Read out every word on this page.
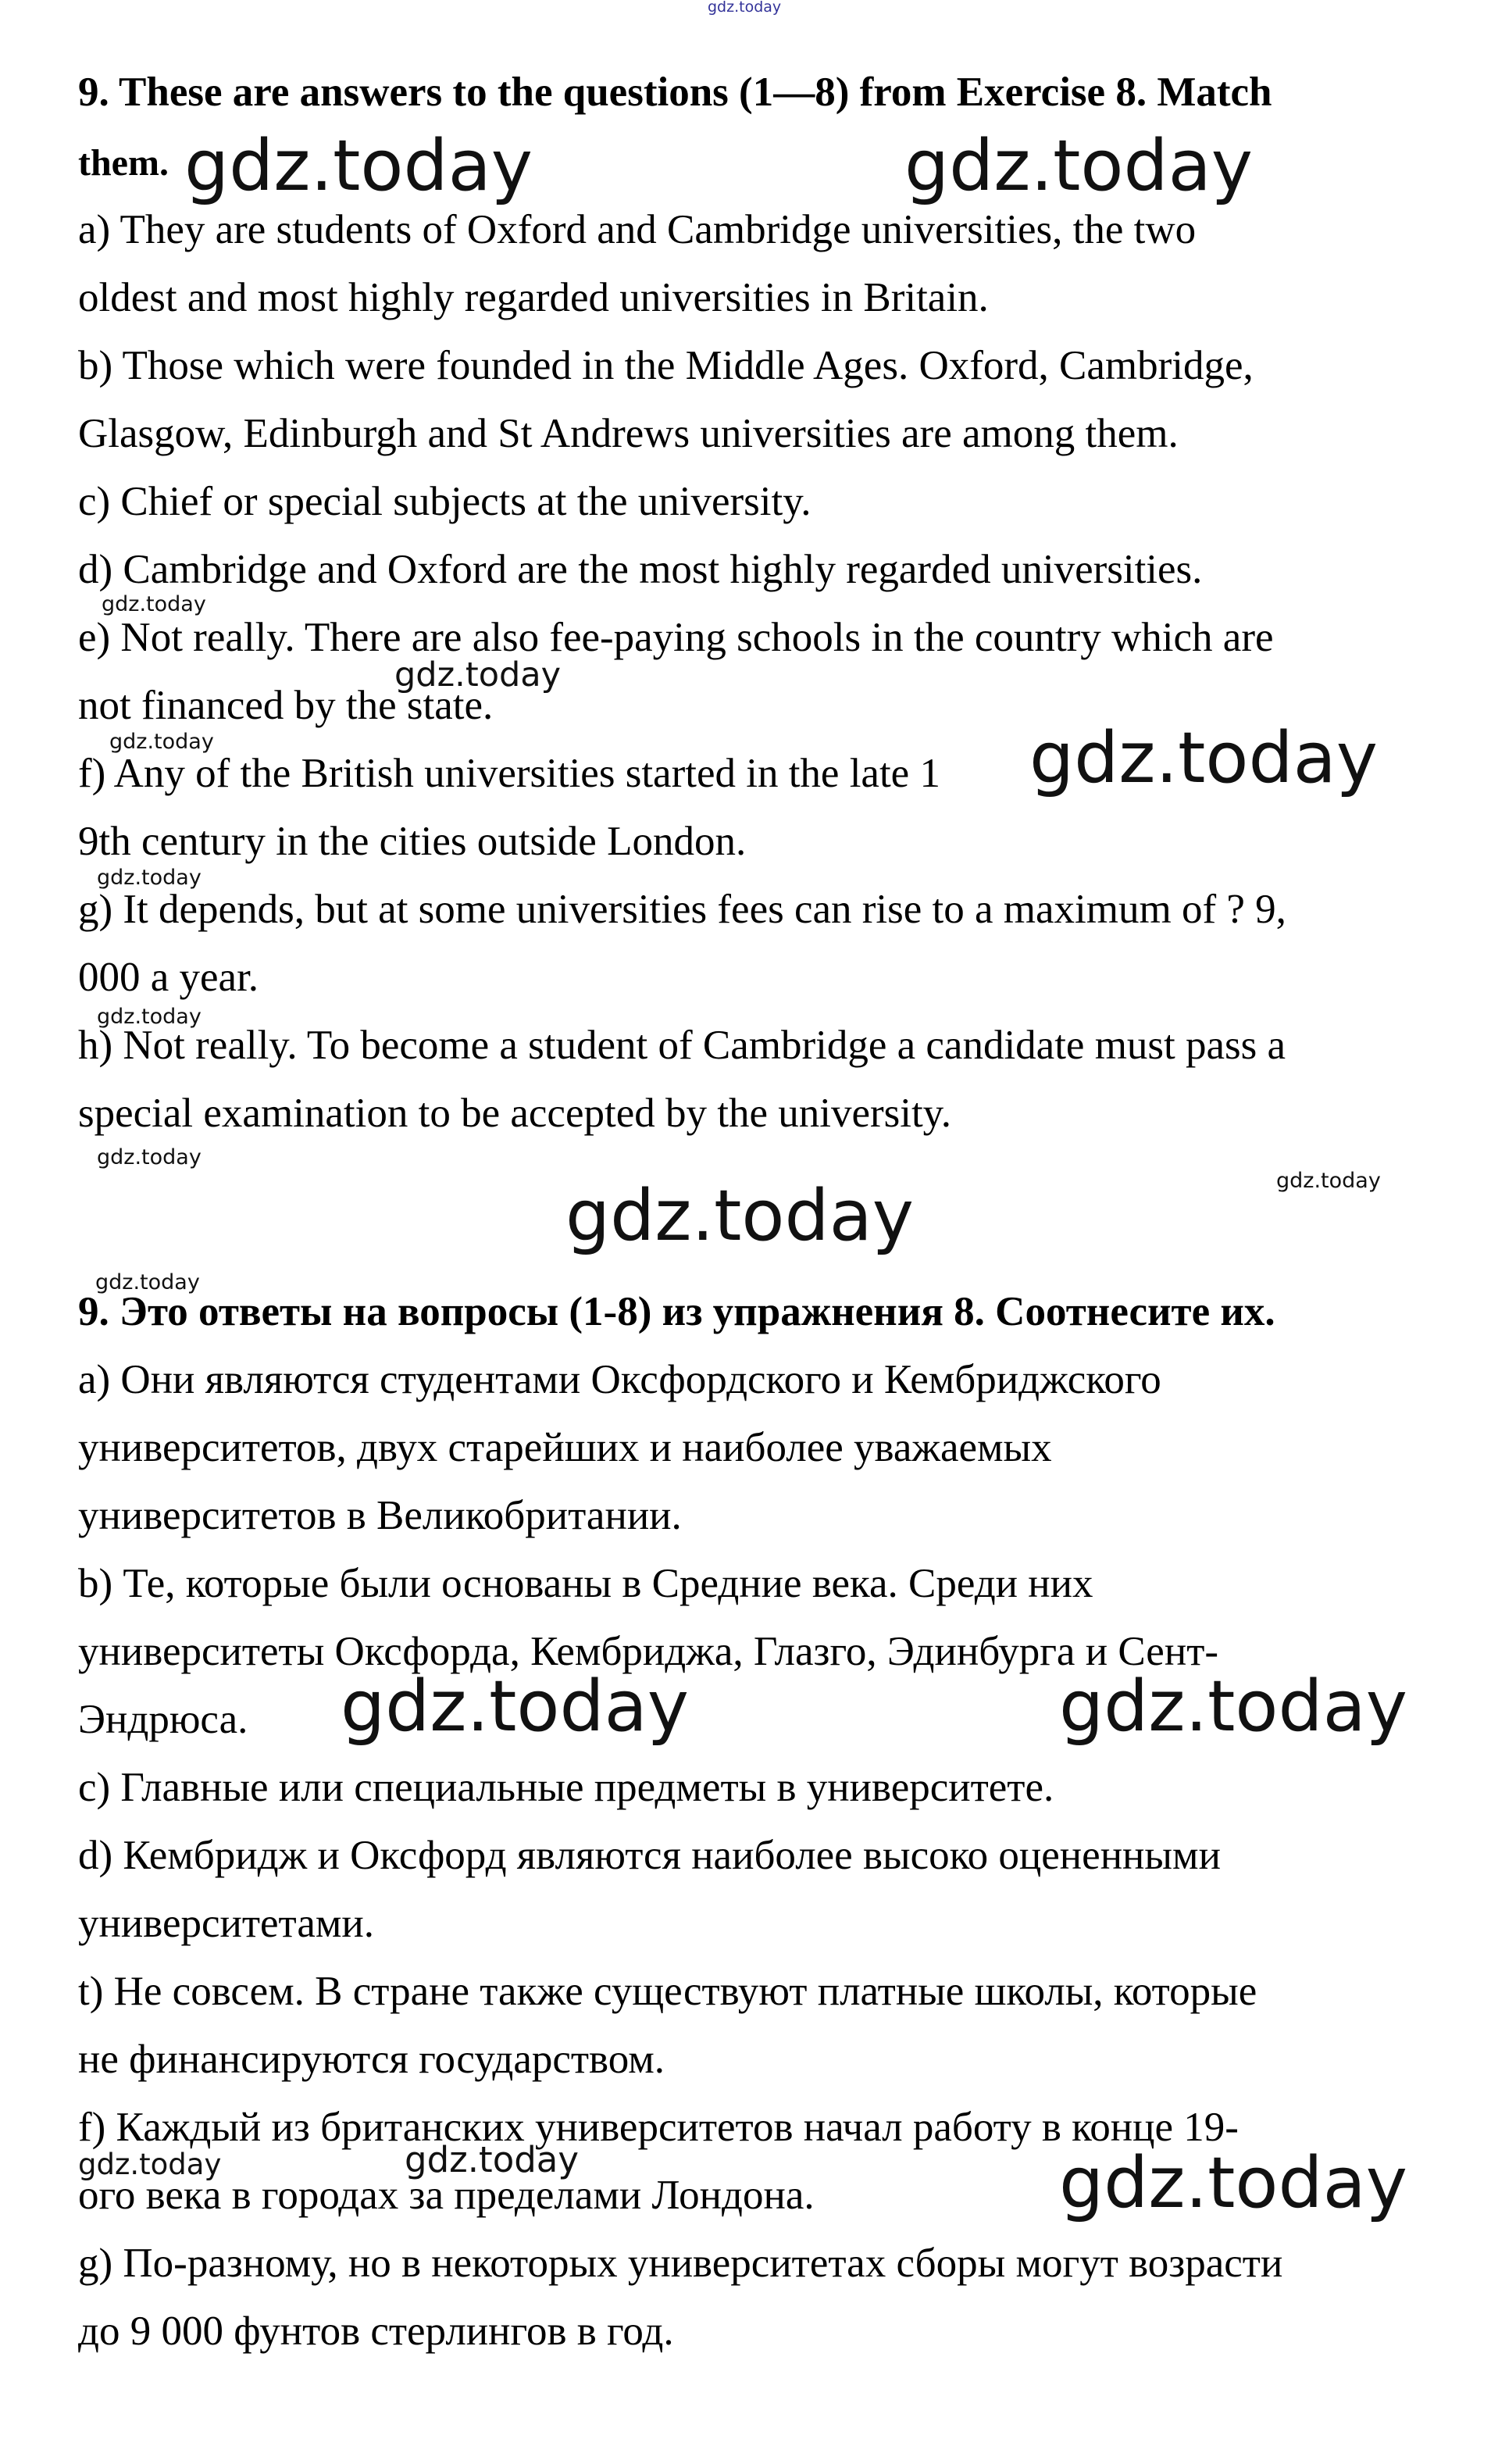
gdz.today
9. These are answers to the questions (1—8) from Exercise 8. Match
them.
a) They are students of Oxford and Cambridge universities, the two
oldest and most highly regarded universities in Britain.
b) Those which were founded in the Middle Ages. Oxford, Cambridge,
Glasgow, Edinburgh and St Andrews universities are among them.
c) Chief or special subjects at the university.
d) Cambridge and Oxford are the most highly regarded universities.
e) Not really. There are also fee-paying schools in the country which are
not financed by the state.
f) Any of the British universities started in the late 1
9th century in the cities outside London.
g) It depends, but at some universities fees can rise to a maximum of ? 9,
000 a year.
h) Not really. To become a student of Cambridge a candidate must pass a
special examination to be accepted by the university.
9. Это ответы на вопросы (1-8) из упражнения 8. Соотнесите их.
a) Они являются студентами Оксфордского и Кембриджского
университетов, двух старейших и наиболее уважаемых
университетов в Великобритании.
b) Те, которые были основаны в Средние века. Среди них
университеты Оксфорда, Кембриджа, Глазго, Эдинбурга и Сент-
Эндрюса.
c) Главные или специальные предметы в университете.
d) Кембридж и Оксфорд являются наиболее высоко оцененными
университетами.
t) Не совсем. В стране также существуют платные школы, которые
не финансируются государством.
f) Каждый из британских университетов начал работу в конце 19-
ого века в городах за пределами Лондона.
g) По-разному, но в некоторых университетах сборы могут возрасти
до 9 000 фунтов стерлингов в год.
gdz.today	gdz.today
gdz.today
gdz.today
gdz.today	gdz.today
gdz.today
gdz.today
gdz.today
gdz.today
gdz.today
gdz.today
gdz.today	gdz.today
gdz.today	gdz.today	gdz.today
